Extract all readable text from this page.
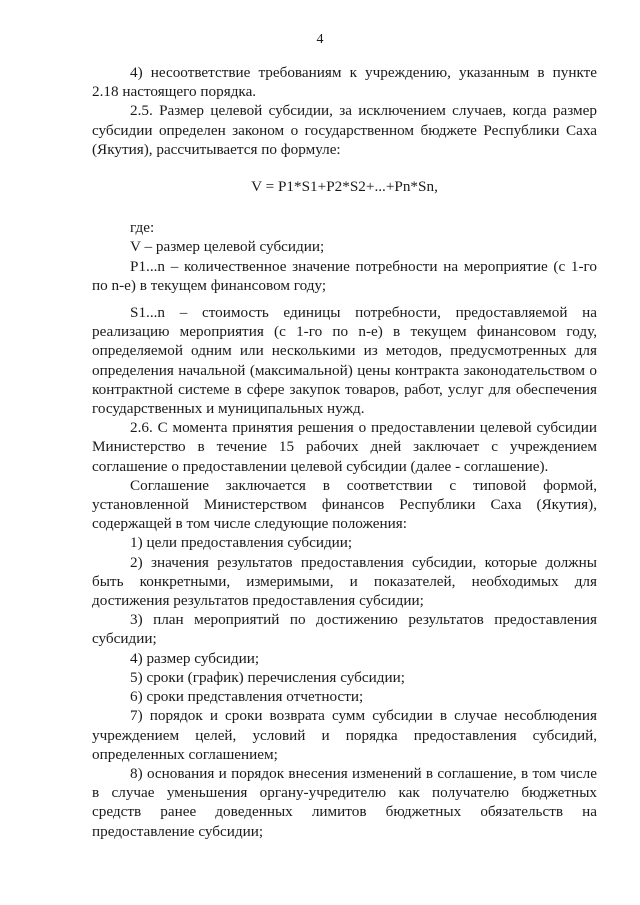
4

4) несоответствие требованиям к учреждению, указанным в пункте 2.18 настоящего порядка.

2.5. Размер целевой субсидии, за исключением случаев, когда размер субсидии определен законом о государственном бюджете Республики Саха (Якутия), рассчитывается по формуле:

V = P1*S1+P2*S2+...+Pn*Sn,

где:

V – размер целевой субсидии;

P1...n – количественное значение потребности на мероприятие (с 1-го по n-е) в текущем финансовом году;

S1...n – стоимость единицы потребности, предоставляемой на реализацию мероприятия (с 1-го по n-е) в текущем финансовом году, определяемой одним или несколькими из методов, предусмотренных для определения начальной (максимальной) цены контракта законодательством о контрактной системе в сфере закупок товаров, работ, услуг для обеспечения государственных и муниципальных нужд.

2.6. С момента принятия решения о предоставлении целевой субсидии Министерство в течение 15 рабочих дней заключает с учреждением соглашение о предоставлении целевой субсидии (далее - соглашение).

Соглашение заключается в соответствии с типовой формой, установленной Министерством финансов Республики Саха (Якутия), содержащей в том числе следующие положения:

1) цели предоставления субсидии;

2) значения результатов предоставления субсидии, которые должны быть конкретными, измеримыми, и показателей, необходимых для достижения результатов предоставления субсидии;

3) план мероприятий по достижению результатов предоставления субсидии;

4) размер субсидии;

5) сроки (график) перечисления субсидии;

6) сроки представления отчетности;

7) порядок и сроки возврата сумм субсидии в случае несоблюдения учреждением целей, условий и порядка предоставления субсидий, определенных соглашением;

8) основания и порядок внесения изменений в соглашение, в том числе в случае уменьшения органу-учредителю как получателю бюджетных средств ранее доведенных лимитов бюджетных обязательств на предоставление субсидии;
